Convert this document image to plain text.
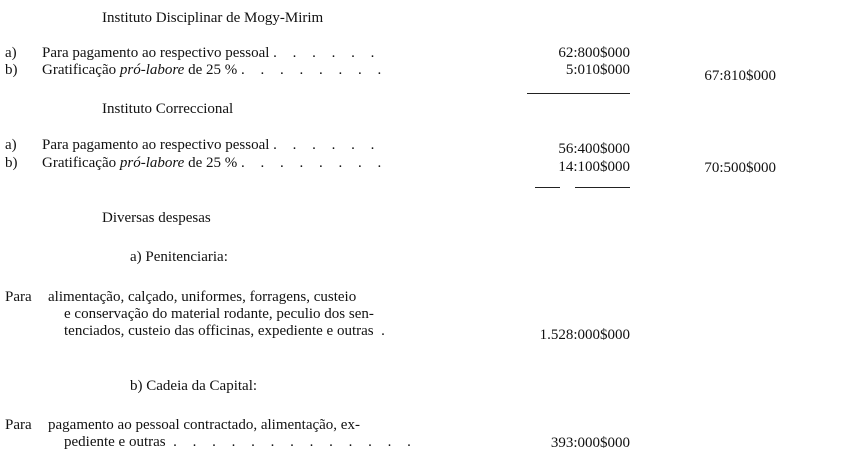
Instituto Disciplinar de Mogy-Mirim
a)	Para pagamento ao respectivo pessoal . . . . . .	62:800$000
b)	Gratificação pró-labore de 25 % . . . . . . . .	5:010$000	67:810$000
Instituto Correccional
a)	Para pagamento ao respectivo pessoal . . . . . .	56:400$000
b)	Gratificação pró-labore de 25 % . . . . . . . .	14:100$000	70:500$000
Diversas despesas
a) Penitenciaria:
Para alimentação, calçado, uniformes, forragens, custeio
e conservação do material rodante, peculio dos sen-
tenciados, custeio das officinas, expediente e outras .	1.528:000$000
b) Cadeia da Capital:
Para pagamento ao pessoal contractado, alimentação, ex-
pediente e outras . . . . . . . . . . . . .	393:000$000
